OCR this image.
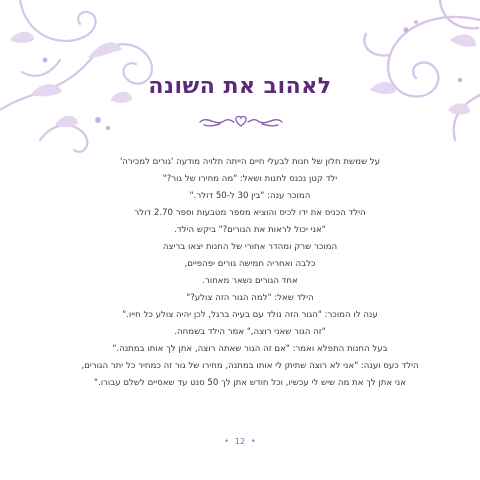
לאהוב את השונה

על שמשת חלון של חנות לבעלי חיים הייתה תלויה מודעה 'גורים למכירה'

ילד קטן נכנס לחנות ושאל: "מה מחירו של גור?"

המוכר ענה: "בין 30 ל-50 דולר."

הילד הכניס את ידו לכיס והוציא מספר מטבעות וספר 2.70 דולר

"אני יכול לראות את הגורים?" ביקש הילד.

המוכר שרק ומהדר אחורי של החנות יצאו בריצה

כלבה ואחריה חמישה גורים יפהפיים,

אחד הגורים נשאר מאחור.

הילד שאל: "למה הגור הזה צולע?"

ענה לו המוכר: "הגור הזה נולד עם בעיה ברגל, לכן יהיה צולע כל חייו."

"זה הגור שאני רוצה," אמר הילד בשמחה.

בעל החנות התפלא ואמר: "אם זה הגור שאתה רוצה, אתן לך אותו במתנה."

הילד כעס וענה: "אני לא רוצה שתיתן לי אותו במתנה, מחירו של גור זה כמחיר כל יתר הגורים,

אני אתן לך את מה שיש לי עכשיו, וכל חודש אתן לך 50 סנט עד שאסיים לשלם עבורו."

• 12 •
